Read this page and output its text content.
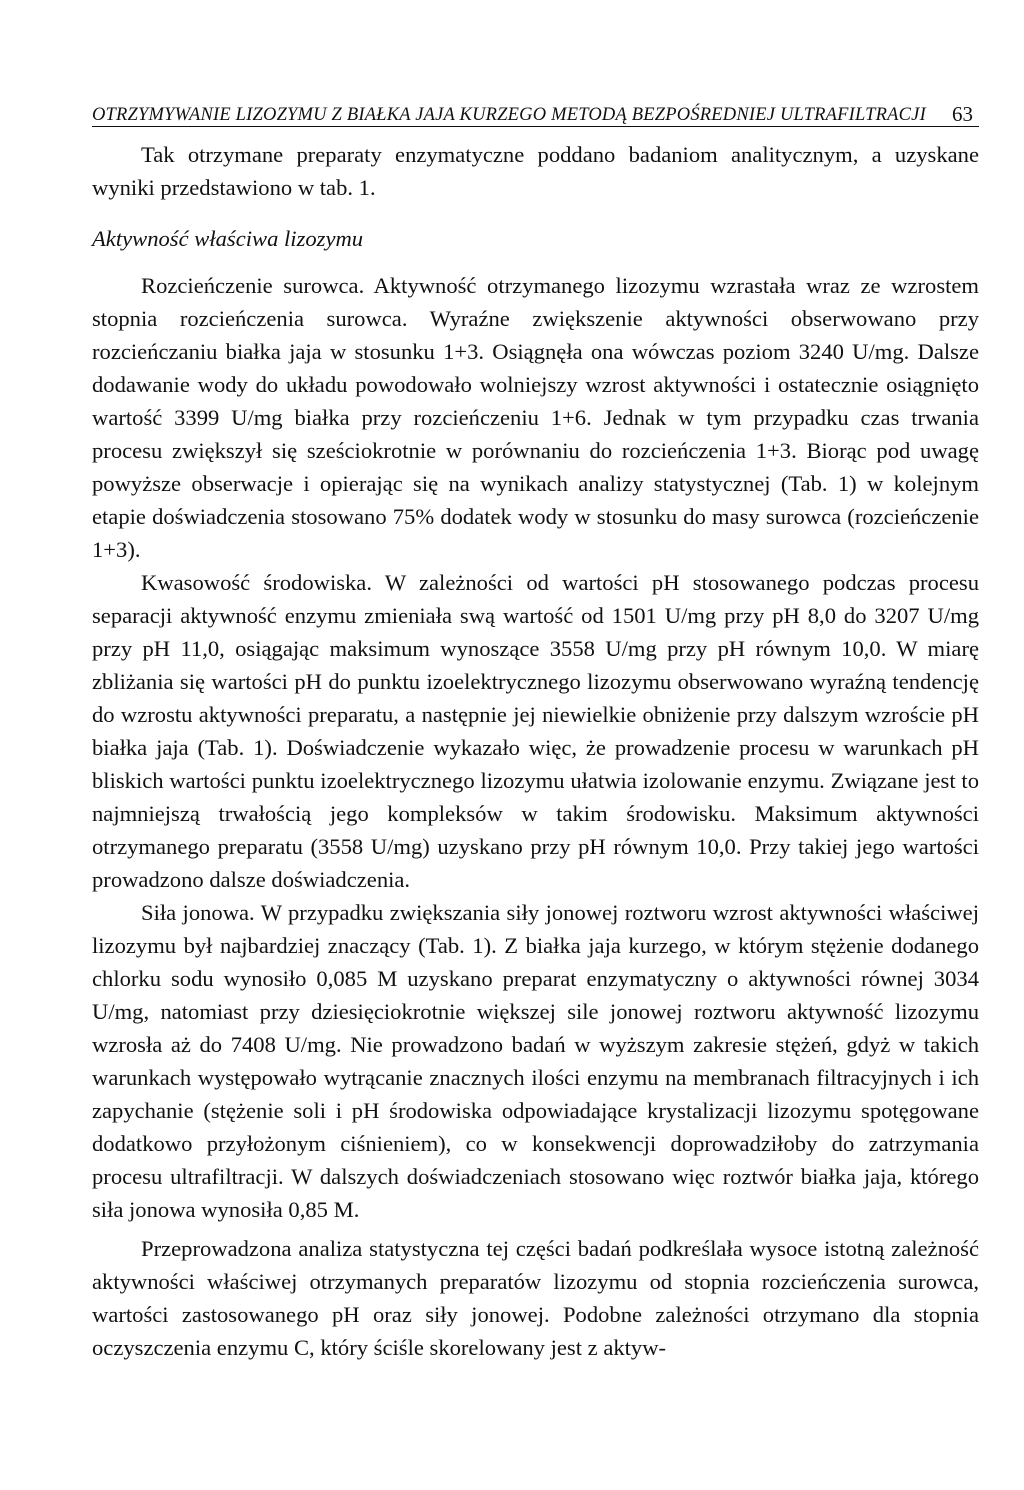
OTRZYMYWANIE LIZOZYMU Z BIAŁKA JAJA KURZEGO METODĄ BEZPOŚREDNIEJ ULTRAFILTRACJI 63

Tak otrzymane preparaty enzymatyczne poddano badaniom analitycznym, a uzyskane wyniki przedstawiono w tab. 1.

Aktywność właściwa lizozymu

Rozcieńczenie surowca. Aktywność otrzymanego lizozymu wzrastała wraz ze wzrostem stopnia rozcieńczenia surowca. Wyraźne zwiększenie aktywności obserwowano przy rozcieńczaniu białka jaja w stosunku 1+3. Osiągnęła ona wówczas poziom 3240 U/mg. Dalsze dodawanie wody do układu powodowało wolniejszy wzrost aktywności i ostatecznie osiągnięto wartość 3399 U/mg białka przy rozcieńczeniu 1+6. Jednak w tym przypadku czas trwania procesu zwiększył się sześciokrotnie w porównaniu do rozcieńczenia 1+3. Biorąc pod uwagę powyższe obserwacje i opierając się na wynikach analizy statystycznej (Tab. 1) w kolejnym etapie doświadczenia stosowano 75% dodatek wody w stosunku do masy surowca (rozcieńczenie 1+3).

Kwasowość środowiska. W zależności od wartości pH stosowanego podczas procesu separacji aktywność enzymu zmieniała swą wartość od 1501 U/mg przy pH 8,0 do 3207 U/mg przy pH 11,0, osiągając maksimum wynoszące 3558 U/mg przy pH równym 10,0. W miarę zbliżania się wartości pH do punktu izoelektrycznego lizozymu obserwowano wyraźną tendencję do wzrostu aktywności preparatu, a następnie jej niewielkie obniżenie przy dalszym wzroście pH białka jaja (Tab. 1). Doświadczenie wykazało więc, że prowadzenie procesu w warunkach pH bliskich wartości punktu izoelektrycznego lizozymu ułatwia izolowanie enzymu. Związane jest to najmniejszą trwałością jego kompleksów w takim środowisku. Maksimum aktywności otrzymanego preparatu (3558 U/mg) uzyskano przy pH równym 10,0. Przy takiej jego wartości prowadzono dalsze doświadczenia.

Siła jonowa. W przypadku zwiększania siły jonowej roztworu wzrost aktywności właściwej lizozymu był najbardziej znaczący (Tab. 1). Z białka jaja kurzego, w którym stężenie dodanego chlorku sodu wynosiło 0,085 M uzyskano preparat enzymatyczny o aktywności równej 3034 U/mg, natomiast przy dziesięciokrotnie większej sile jonowej roztworu aktywność lizozymu wzrosła aż do 7408 U/mg. Nie prowadzono badań w wyższym zakresie stężeń, gdyż w takich warunkach występowało wytrącanie znacznych ilości enzymu na membranach filtracyjnych i ich zapychanie (stężenie soli i pH środowiska odpowiadające krystalizacji lizozymu spotęgowane dodatkowo przyłożonym ciśnieniem), co w konsekwencji doprowadziłoby do zatrzymania procesu ultrafiltracji. W dalszych doświadczeniach stosowano więc roztwór białka jaja, którego siła jonowa wynosiła 0,85 M.

Przeprowadzona analiza statystyczna tej części badań podkreślała wysoce istotną zależność aktywności właściwej otrzymanych preparatów lizozymu od stopnia rozcieńczenia surowca, wartości zastosowanego pH oraz siły jonowej. Podobne zależności otrzymano dla stopnia oczyszczenia enzymu C, który ściśle skorelowany jest z aktyw-
